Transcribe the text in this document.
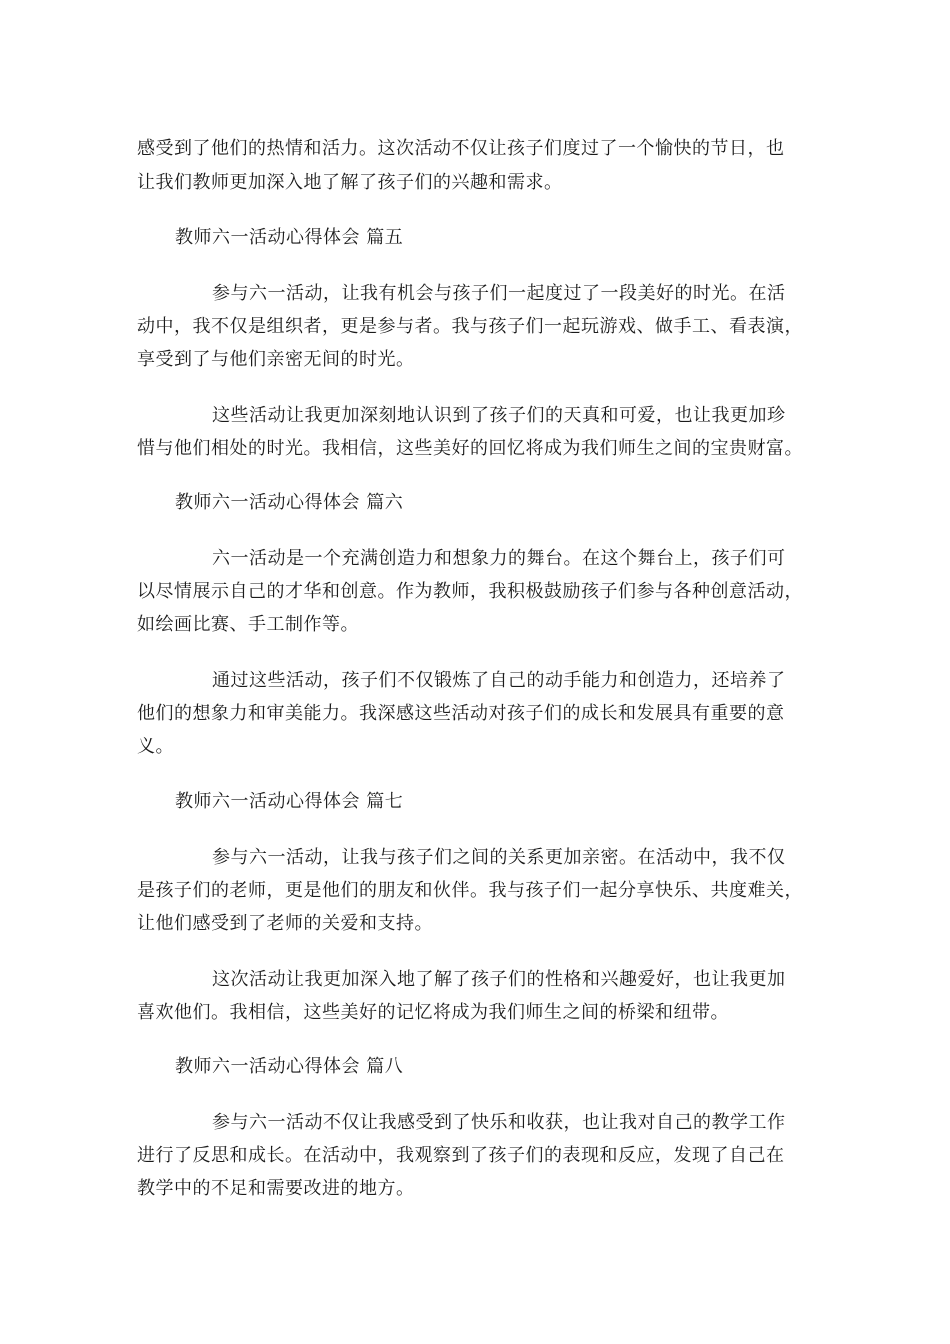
感受到了他们的热情和活力。这次活动不仅让孩子们度过了一个愉快的节日，也
让我们教师更加深入地了解了孩子们的兴趣和需求。
教师六一活动心得体会 篇五
参与六一活动，让我有机会与孩子们一起度过了一段美好的时光。在活
动中，我不仅是组织者，更是参与者。我与孩子们一起玩游戏、做手工、看表演，
享受到了与他们亲密无间的时光。
这些活动让我更加深刻地认识到了孩子们的天真和可爱，也让我更加珍
惜与他们相处的时光。我相信，这些美好的回忆将成为我们师生之间的宝贵财富。
教师六一活动心得体会 篇六
六一活动是一个充满创造力和想象力的舞台。在这个舞台上，孩子们可
以尽情展示自己的才华和创意。作为教师，我积极鼓励孩子们参与各种创意活动，
如绘画比赛、手工制作等。
通过这些活动，孩子们不仅锻炼了自己的动手能力和创造力，还培养了
他们的想象力和审美能力。我深感这些活动对孩子们的成长和发展具有重要的意
义。
教师六一活动心得体会 篇七
参与六一活动，让我与孩子们之间的关系更加亲密。在活动中，我不仅
是孩子们的老师，更是他们的朋友和伙伴。我与孩子们一起分享快乐、共度难关，
让他们感受到了老师的关爱和支持。
这次活动让我更加深入地了解了孩子们的性格和兴趣爱好，也让我更加
喜欢他们。我相信，这些美好的记忆将成为我们师生之间的桥梁和纽带。
教师六一活动心得体会 篇八
参与六一活动不仅让我感受到了快乐和收获，也让我对自己的教学工作
进行了反思和成长。在活动中，我观察到了孩子们的表现和反应，发现了自己在
教学中的不足和需要改进的地方。
